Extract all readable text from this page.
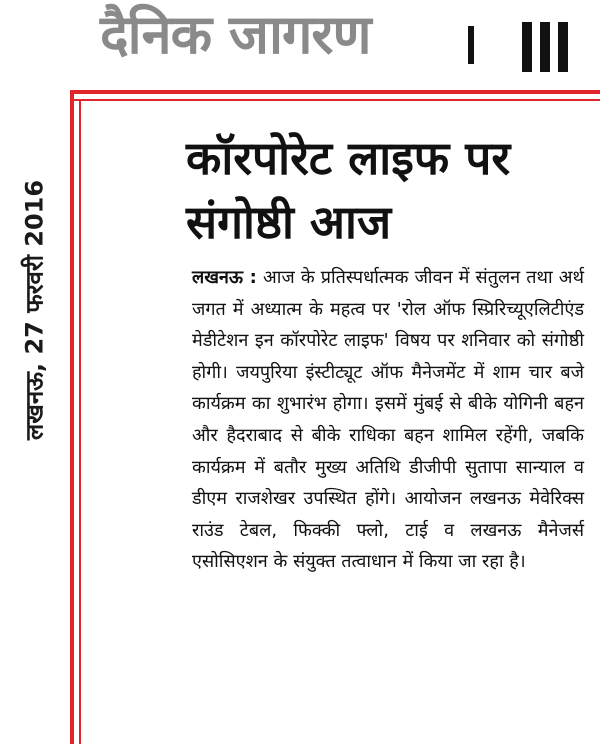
दैनिक जागरण
लखनऊ, 27 फरवरी 2016
कॉरपोरेट लाइफ पर संगोष्ठी आज
लखनऊ : आज के प्रतिस्पर्धात्मक जीवन में संतुलन तथा अर्थ जगत में अध्यात्म के महत्व पर 'रोल ऑफ स्प्रिरिच्यूएलिटीएंड मेडीटेशन इन कॉरपोरेट लाइफ' विषय पर शनिवार को संगोष्ठी होगी। जयपुरिया इंस्टीट्यूट ऑफ मैनेजमेंट में शाम चार बजे कार्यक्रम का शुभारंभ होगा। इसमें मुंबई से बीके योगिनी बहन और हैदराबाद से बीके राधिका बहन शामिल रहेंगी, जबकि कार्यक्रम में बतौर मुख्य अतिथि डीजीपी सुतापा सान्याल व डीएम राजशेखर उपस्थित होंगे। आयोजन लखनऊ मेवेरिक्स राउंड टेबल, फिक्की फ्लो, टाई व लखनऊ मैनेजर्स एसोसिएशन के संयुक्त तत्वाधान में किया जा रहा है।
